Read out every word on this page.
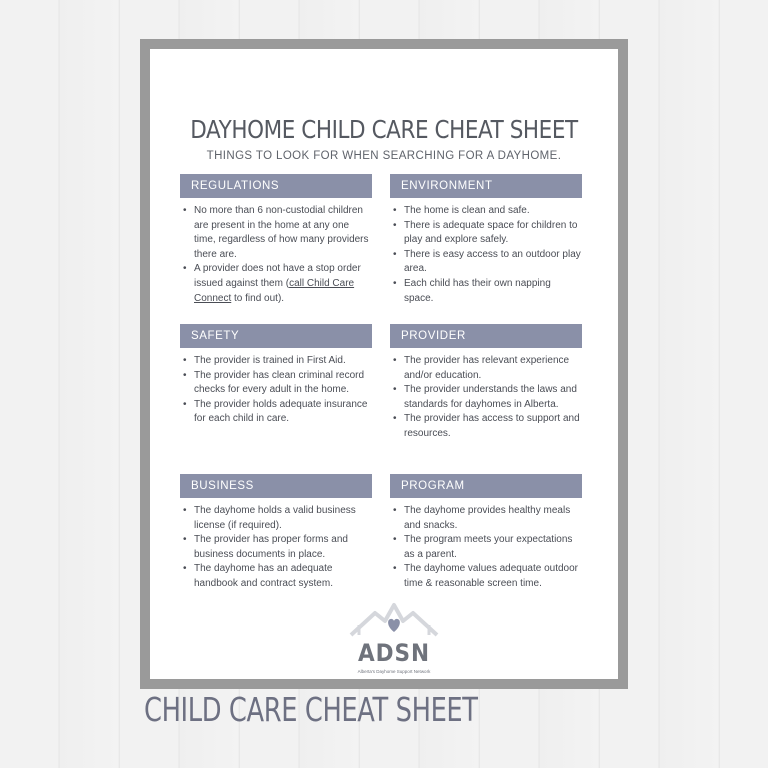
DAYHOME CHILD CARE CHEAT SHEET
THINGS TO LOOK FOR WHEN SEARCHING FOR A DAYHOME.
REGULATIONS
• No more than 6 non-custodial children are present in the home at any one time, regardless of how many providers there are.
• A provider does not have a stop order issued against them (call Child Care Connect to find out).
ENVIRONMENT
• The home is clean and safe.
• There is adequate space for children to play and explore safely.
• There is easy access to an outdoor play area.
• Each child has their own napping space.
SAFETY
• The provider is trained in First Aid.
• The provider has clean criminal record checks for every adult in the home.
• The provider holds adequate insurance for each child in care.
PROVIDER
• The provider has relevant experience and/or education.
• The provider understands the laws and standards for dayhomes in Alberta.
• The provider has access to support and resources.
BUSINESS
• The dayhome holds a valid business license (if required).
• The provider has proper forms and business documents in place.
• The dayhome has an adequate handbook and contract system.
PROGRAM
• The dayhome provides healthy meals and snacks.
• The program meets your expectations as a parent.
• The dayhome values adequate outdoor time & reasonable screen time.
ADSN
Alberta's Dayhome Support Network
CHILD CARE CHEAT SHEET
